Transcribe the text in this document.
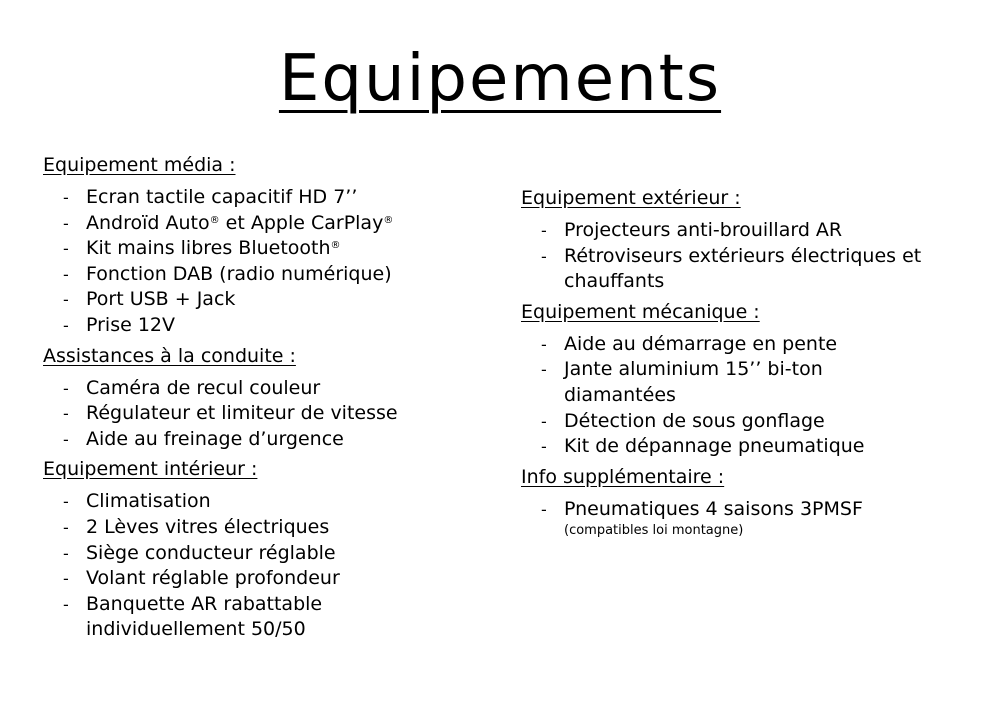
Equipements
Equipement média :
- Ecran tactile capacitif HD 7’’
- Androïd Auto® et Apple CarPlay®
- Kit mains libres Bluetooth®
- Fonction DAB (radio numérique)
- Port USB + Jack
- Prise 12V
Assistances à la conduite :
- Caméra de recul couleur
- Régulateur et limiteur de vitesse
- Aide au freinage d’urgence
Equipement intérieur :
- Climatisation
- 2 Lèves vitres électriques
- Siège conducteur réglable
- Volant réglable profondeur
- Banquette AR rabattable individuellement 50/50
Equipement extérieur :
- Projecteurs anti-brouillard AR
- Rétroviseurs extérieurs électriques et chauffants
Equipement mécanique :
- Aide au démarrage en pente
- Jante aluminium 15’’ bi-ton diamantées
- Détection de sous gonflage
- Kit de dépannage pneumatique
Info supplémentaire :
- Pneumatiques 4 saisons 3PMSF
(compatibles loi montagne)
